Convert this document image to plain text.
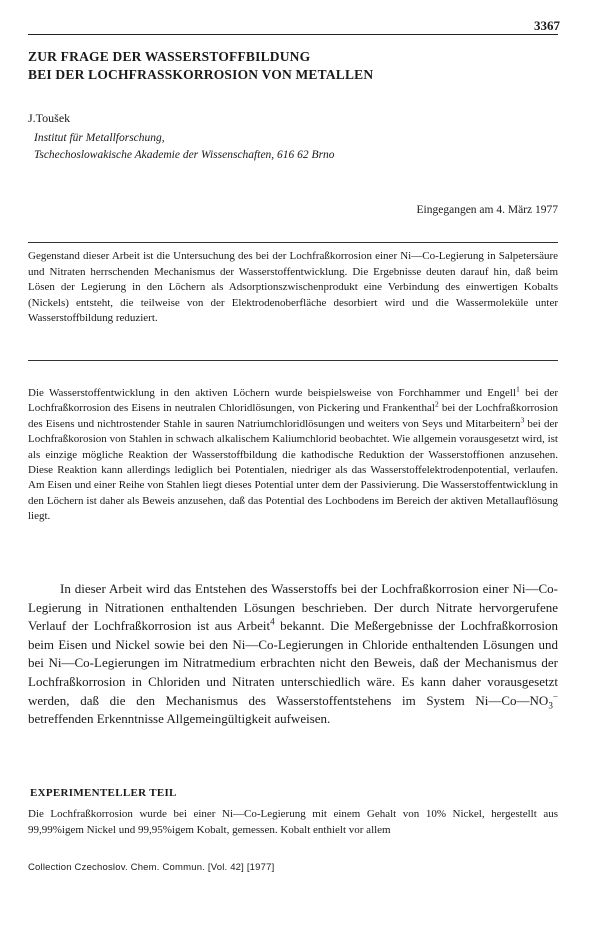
3367
ZUR FRAGE DER WASSERSTOFFBILDUNG
BEI DER LOCHFRASSKORROSION VON METALLEN
J.Toušek
Institut für Metallforschung,
Tschechoslowakische Akademie der Wissenschaften, 616 62 Brno
Eingegangen am 4. März 1977
Gegenstand dieser Arbeit ist die Untersuchung des bei der Lochfraßkorrosion einer Ni—Co-Legierung in Salpetersäure und Nitraten herrschenden Mechanismus der Wasserstoffentwicklung. Die Ergebnisse deuten darauf hin, daß beim Lösen der Legierung in den Löchern als Adsorptionszwischenprodukt eine Verbindung des einwertigen Kobalts (Nickels) entsteht, die teilweise von der Elektrodenoberfläche desorbiert wird und die Wassermoleküle unter Wasserstoffbildung reduziert.
Die Wasserstoffentwicklung in den aktiven Löchern wurde beispielsweise von Forchhammer und Engell$^1$ bei der Lochfraßkorrosion des Eisens in neutralen Chloridlösungen, von Pickering und Frankenthal$^2$ bei der Lochfraßkorrosion des Eisens und nichtrostender Stahle in sauren Natriumchloridlösungen und weiters von Seys und Mitarbeitern$^3$ bei der Lochfraßkorosion von Stahlen in schwach alkalischem Kaliumchlorid beobachtet. Wie allgemein vorausgesetzt wird, ist als einzige mögliche Reaktion der Wasserstoffbildung die kathodische Reduktion der Wasserstoffionen anzusehen. Diese Reaktion kann allerdings lediglich bei Potentialen, niedriger als das Wasserstoffelektrodenpotential, verlaufen. Am Eisen und einer Reihe von Stahlen liegt dieses Potential unter dem der Passivierung. Die Wasserstoffentwicklung in den Löchern ist daher als Beweis anzusehen, daß das Potential des Lochbodens im Bereich der aktiven Metallauflösung liegt.
In dieser Arbeit wird das Entstehen des Wasserstoffs bei der Lochfraßkorrosion einer Ni—Co-Legierung in Nitrationen enthaltenden Lösungen beschrieben. Der durch Nitrate hervorgerufene Verlauf der Lochfraßkorrosion ist aus Arbeit$^4$ bekannt. Die Meßergebnisse der Lochfraßkorrosion beim Eisen und Nickel sowie bei den Ni—Co-Legierungen in Chloride enthaltenden Lösungen und bei Ni—Co-Legierungen im Nitratmedium erbrachten nicht den Beweis, daß der Mechanismus der Lochfraßkorrosion in Chloriden und Nitraten unterschiedlich wäre. Es kann daher vorausgesetzt werden, daß die den Mechanismus des Wasserstoffentstehens im System $Ni—Co—NO_3^-$ betreffenden Erkenntnisse Allgemeingültigkeit aufweisen.
EXPERIMENTELLER TEIL
Die Lochfraßkorrosion wurde bei einer Ni—Co-Legierung mit einem Gehalt von 10% Nickel, hergestellt aus 99,99%igem Nickel und 99,95%igem Kobalt, gemessen. Kobalt enthielt vor allem
Collection Czechoslov. Chem. Commun. [Vol. 42] [1977]
